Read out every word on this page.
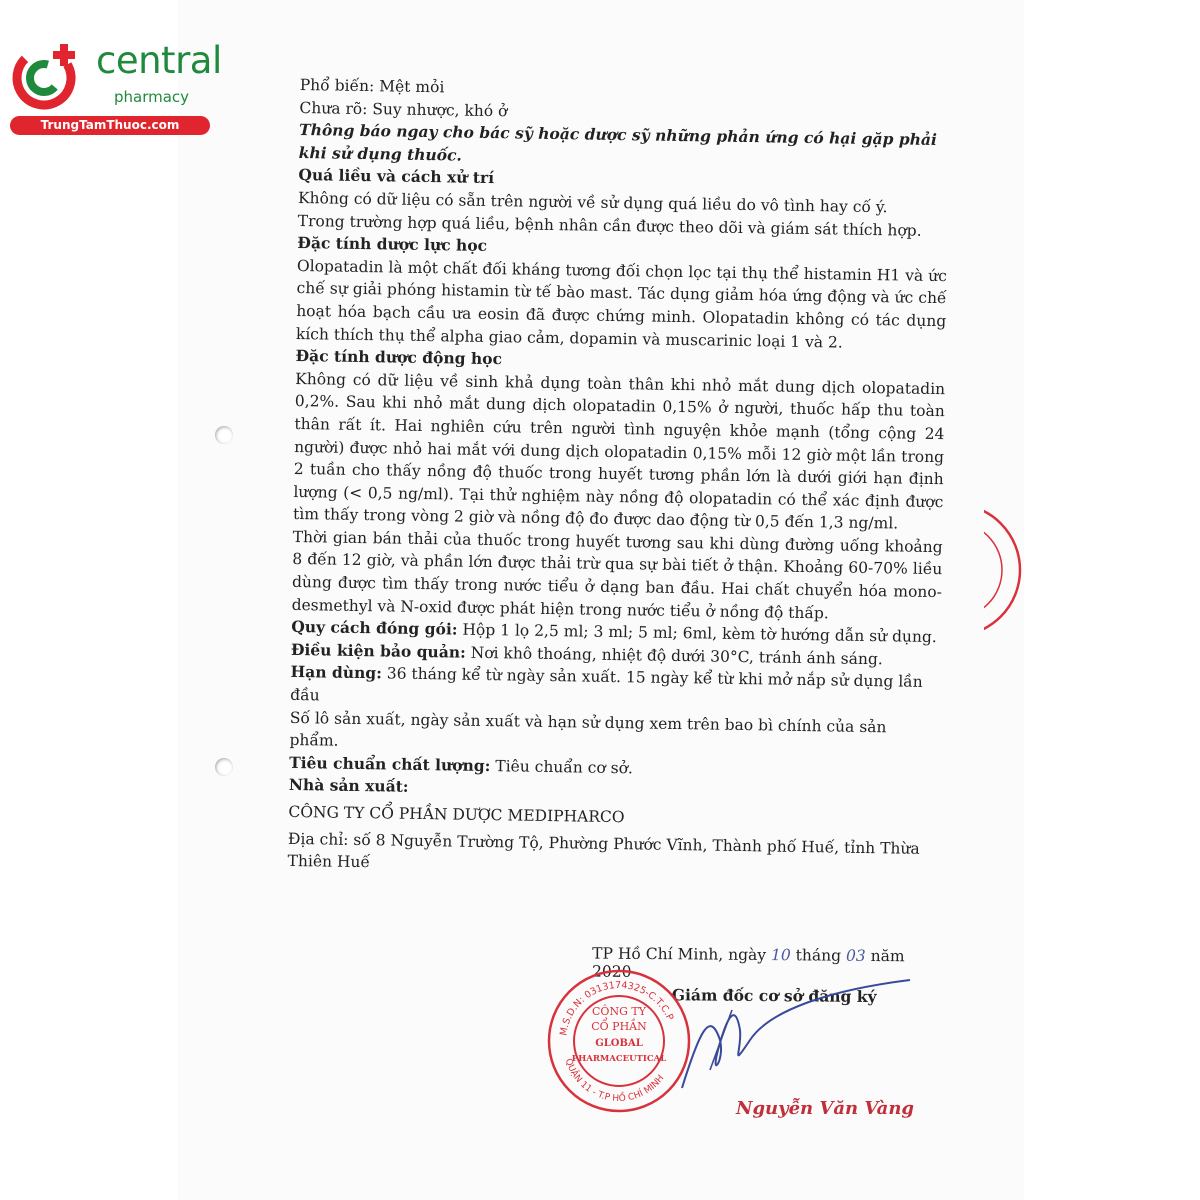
central
pharmacy
TrungTamThuoc.com

Phổ biến: Mệt mỏi

Chưa rõ: Suy nhược, khó ở

Thông báo ngay cho bác sỹ hoặc dược sỹ những phản ứng có hại gặp phải khi sử dụng thuốc.

Quá liều và cách xử trí

Không có dữ liệu có sẵn trên người về sử dụng quá liều do vô tình hay cố ý.

Trong trường hợp quá liều, bệnh nhân cần được theo dõi và giám sát thích hợp.

Đặc tính dược lực học

Olopatadin là một chất đối kháng tương đối chọn lọc tại thụ thể histamin H1 và ức chế sự giải phóng histamin từ tế bào mast. Tác dụng giảm hóa ứng động và ức chế hoạt hóa bạch cầu ưa eosin đã được chứng minh. Olopatadin không có tác dụng kích thích thụ thể alpha giao cảm, dopamin và muscarinic loại 1 và 2.

Đặc tính dược động học

Không có dữ liệu về sinh khả dụng toàn thân khi nhỏ mắt dung dịch olopatadin 0,2%. Sau khi nhỏ mắt dung dịch olopatadin 0,15% ở người, thuốc hấp thu toàn thân rất ít. Hai nghiên cứu trên người tình nguyện khỏe mạnh (tổng cộng 24 người) được nhỏ hai mắt với dung dịch olopatadin 0,15% mỗi 12 giờ một lần trong 2 tuần cho thấy nồng độ thuốc trong huyết tương phần lớn là dưới giới hạn định lượng (< 0,5 ng/ml). Tại thử nghiệm này nồng độ olopatadin có thể xác định được tìm thấy trong vòng 2 giờ và nồng độ đo được dao động từ 0,5 đến 1,3 ng/ml.

Thời gian bán thải của thuốc trong huyết tương sau khi dùng đường uống khoảng 8 đến 12 giờ, và phần lớn được thải trừ qua sự bài tiết ở thận. Khoảng 60-70% liều dùng được tìm thấy trong nước tiểu ở dạng ban đầu. Hai chất chuyển hóa mono-desmethyl và N-oxid được phát hiện trong nước tiểu ở nồng độ thấp.

Quy cách đóng gói: Hộp 1 lọ 2,5 ml; 3 ml; 5 ml; 6ml, kèm tờ hướng dẫn sử dụng.

Điều kiện bảo quản: Nơi khô thoáng, nhiệt độ dưới 30°C, tránh ánh sáng.

Hạn dùng: 36 tháng kể từ ngày sản xuất. 15 ngày kể từ khi mở nắp sử dụng lần đầu

Số lô sản xuất, ngày sản xuất và hạn sử dụng xem trên bao bì chính của sản phẩm.

Tiêu chuẩn chất lượng: Tiêu chuẩn cơ sở.

Nhà sản xuất:

CÔNG TY CỔ PHẦN DƯỢC MEDIPHARCO

Địa chỉ: số 8 Nguyễn Trường Tộ, Phường Phước Vĩnh, Thành phố Huế, tỉnh Thừa Thiên Huế

TP Hồ Chí Minh, ngày 10 tháng 03 năm 2020
Giám đốc cơ sở đăng ký
M.S.D.N: 0313174325-C.T.C.P
QUẬN 11 - T.P HỒ CHÍ MINH
CÔNG TY
CỔ PHẦN
GLOBAL
PHARMACEUTICAL
Nguyễn Văn Vàng
